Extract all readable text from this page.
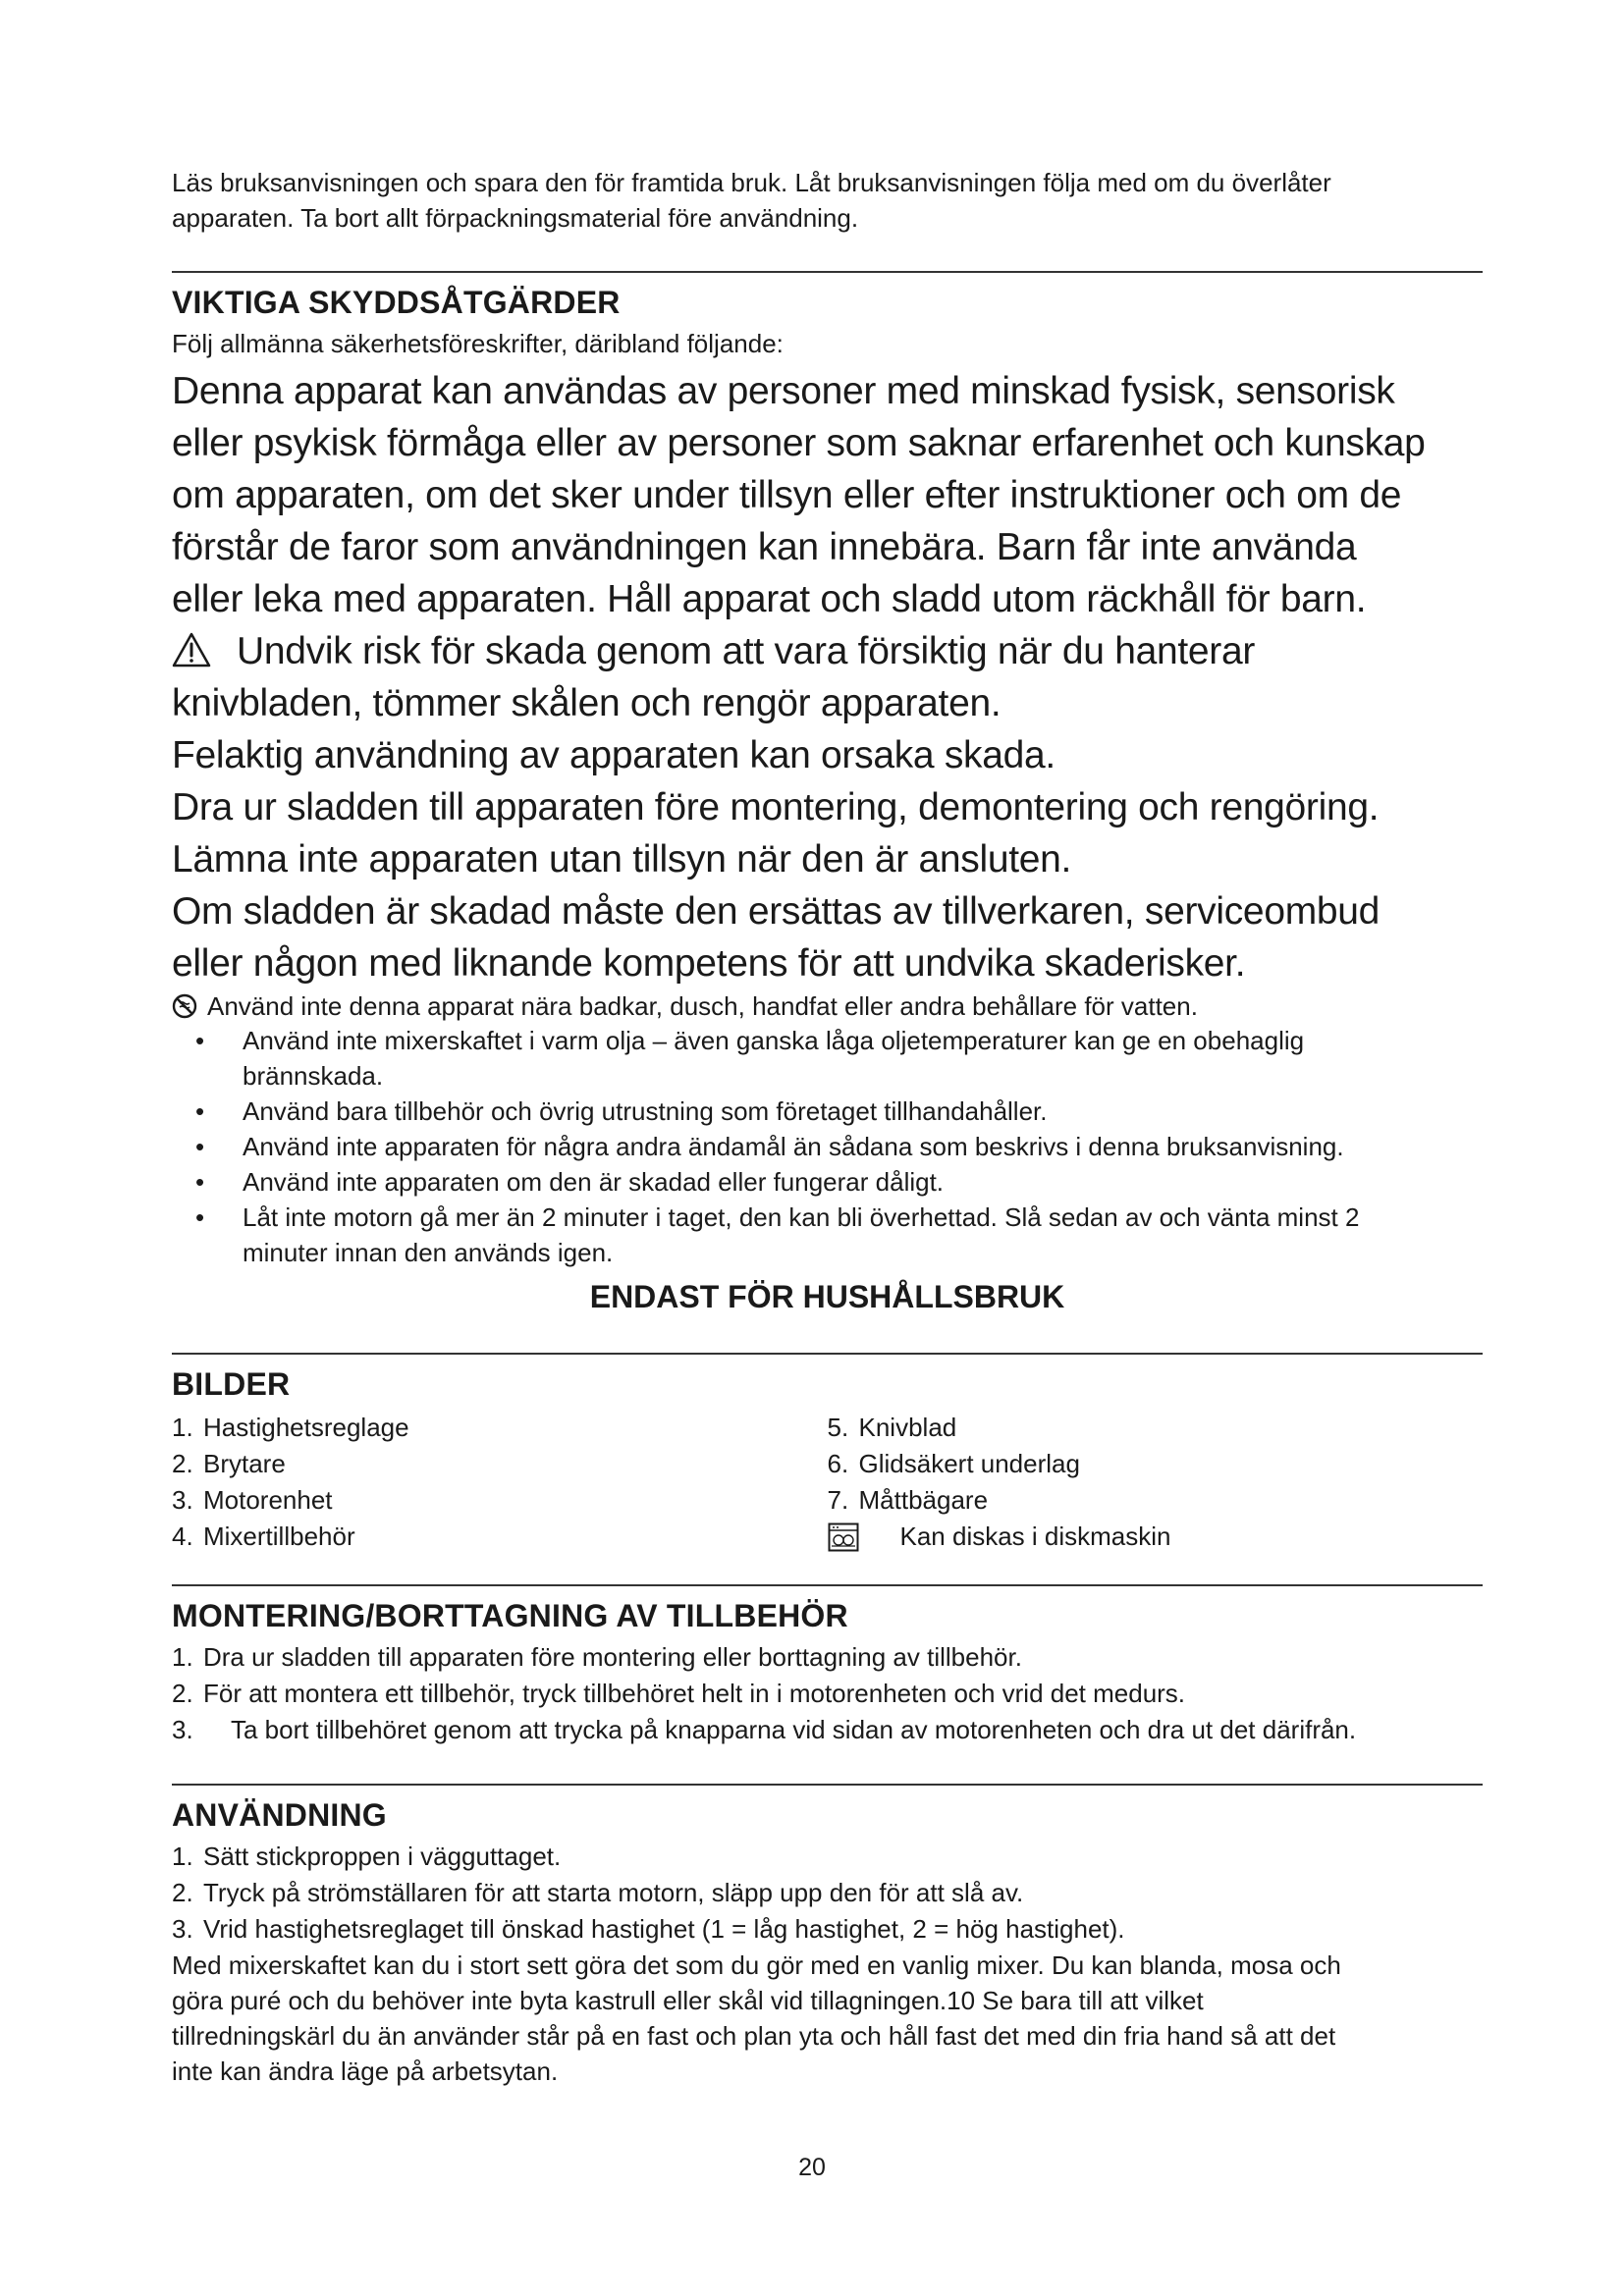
Läs bruksanvisningen och spara den för framtida bruk. Låt bruksanvisningen följa med om du överlåter

apparaten. Ta bort allt förpackningsmaterial före användning.

VIKTIGA SKYDDSÅTGÄRDER

Följ allmänna säkerhetsföreskrifter, däribland följande:

Denna apparat kan användas av personer med minskad fysisk, sensorisk

eller psykisk förmåga eller av personer som saknar erfarenhet och kunskap

om apparaten, om det sker under tillsyn eller efter instruktioner och om de

förstår de faror som användningen kan innebära. Barn får inte använda

eller leka med apparaten. Håll apparat och sladd utom räckhåll för barn.

Undvik risk för skada genom att vara försiktig när du hanterar

knivbladen, tömmer skålen och rengör apparaten.

Felaktig användning av apparaten kan orsaka skada.

Dra ur sladden till apparaten före montering, demontering och rengöring.

Lämna inte apparaten utan tillsyn när den är ansluten.

Om sladden är skadad måste den ersättas av tillverkaren, serviceombud

eller någon med liknande kompetens för att undvika skaderisker.

Använd inte denna apparat nära badkar, dusch, handfat eller andra behållare för vatten.

• Använd inte mixerskaftet i varm olja – även ganska låga oljetemperaturer kan ge en obehaglig
brännskada.
• Använd bara tillbehör och övrig utrustning som företaget tillhandahåller.
• Använd inte apparaten för några andra ändamål än sådana som beskrivs i denna bruksanvisning.
• Använd inte apparaten om den är skadad eller fungerar dåligt.
• Låt inte motorn gå mer än 2 minuter i taget, den kan bli överhettad. Slå sedan av och vänta minst 2
minuter innan den används igen.

ENDAST FÖR HUSHÅLLSBRUK

BILDER

1. Hastighetsreglage

2. Brytare

3. Motorenhet

4. Mixertillbehör

5. Knivblad

6. Glidsäkert underlag

7. Måttbägare

Kan diskas i diskmaskin
MONTERING/BORTTAGNING AV TILLBEHÖR
1. Dra ur sladden till apparaten före montering eller borttagning av tillbehör.
2. För att montera ett tillbehör, tryck tillbehöret helt in i motorenheten och vrid det medurs.
3. Ta bort tillbehöret genom att trycka på knapparna vid sidan av motorenheten och dra ut det därifrån.
ANVÄNDNING
1. Sätt stickproppen i vägguttaget.
2. Tryck på strömställaren för att starta motorn, släpp upp den för att slå av.
3. Vrid hastighetsreglaget till önskad hastighet (1 = låg hastighet, 2 = hög hastighet).

Med mixerskaftet kan du i stort sett göra det som du gör med en vanlig mixer. Du kan blanda, mosa och

göra puré och du behöver inte byta kastrull eller skål vid tillagningen.10 Se bara till att vilket

tillredningskärl du än använder står på en fast och plan yta och håll fast det med din fria hand så att det

inte kan ändra läge på arbetsytan.

20
